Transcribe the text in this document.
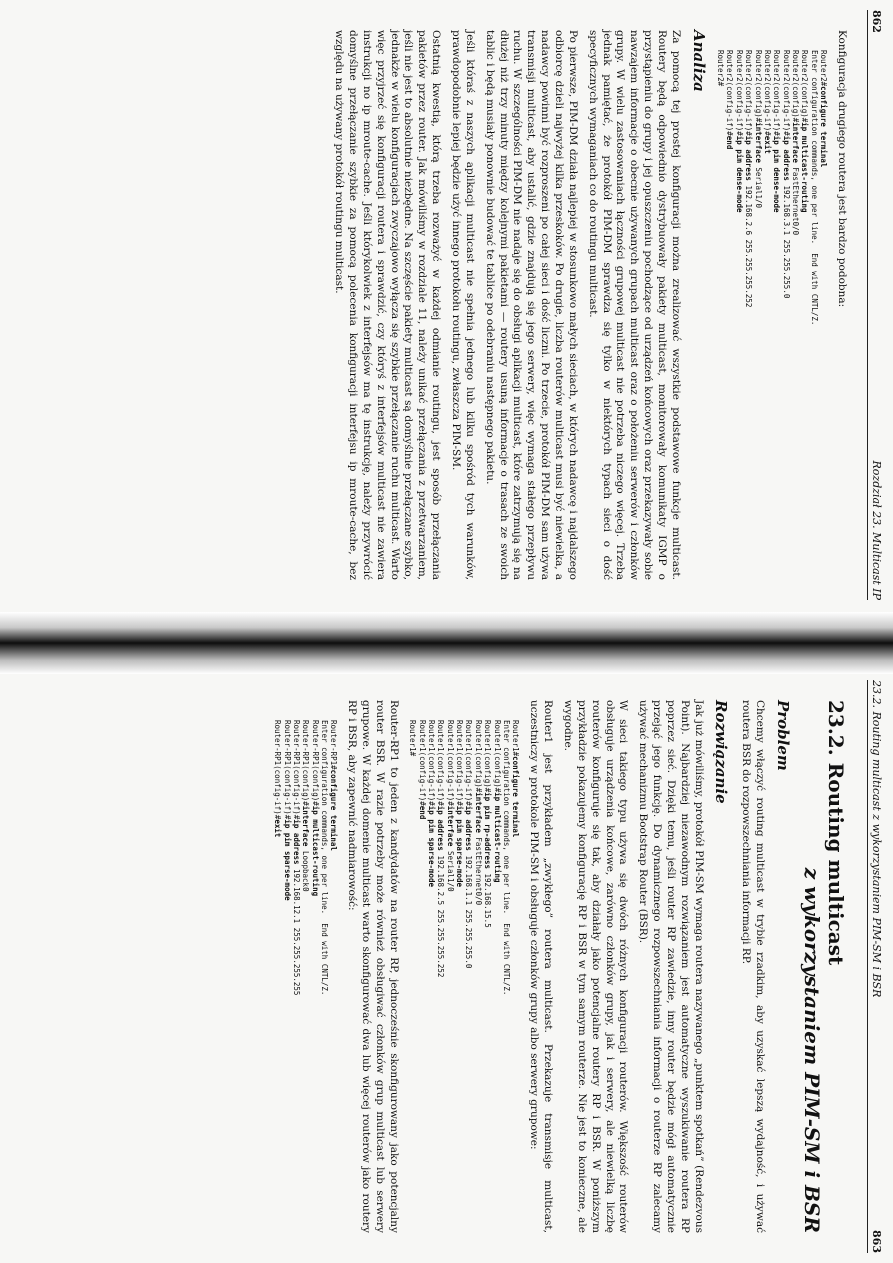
862
Rozdział 23. Multicast IP

Konfiguracja drugiego routera jest bardzo podobna:

Router2#configure terminal
Enter configuration commands, one per line.  End with CNTL/Z.
Router2(config)#ip multicast-routing
Router2(config)#interface FastEthernet0/0
Router2(config-if)#ip address 192.168.3.1 255.255.255.0
Router2(config-if)#ip pim dense-mode
Router2(config-if)#exit
Router2(config)#interface Serial1/0
Router2(config-if)#ip address 192.168.2.6 255.255.255.252
Router2(config-if)#ip pim dense-mode
Router2(config-if)#end
Router2#
Analiza

Za pomocą tej prostej konfiguracji można zrealizować wszystkie podstawowe funkcje multicast. Routery będą odpowiednio dystrybuowały pakiety multicast, monitorowały komunikaty IGMP o przystąpieniu do grupy i jej opuszczeniu pochodzące od urządzeń końcowych oraz przekazywały sobie nawzajem informacje o obecnie używanych grupach multicast oraz o położeniu serwerów i członków grupy. W wielu zastosowaniach łączności grupowej multicast nie potrzeba niczego więcej. Trzeba jednak pamiętać, że protokół PIM-DM sprawdza się tylko w niektórych typach sieci o dość specyficznych wymaganiach co do routingu multicast.

Po pierwsze, PIM-DM działa najlepiej w stosunkowo małych sieciach, w których nadawcę i najdalszego odbiorcę dzieli najwyżej kilka przeskoków. Po drugie, liczba routerów multicast musi być niewielka, a nadawcy powinni być rozproszeni po całej sieci i dość liczni. Po trzecie, protokół PIM-DM sam używa transmisji multicast, aby ustalić, gdzie znajdują się jego serwery, więc wymaga stałego przepływu ruchu. W szczególności PIM-DM nie nadaje się do obsługi aplikacji multicast, które zatrzymują się na dłużej niż trzy minuty między kolejnymi pakietami — routery usuną informacje o trasach ze swoich tablic i będą musiały ponownie budować te tablice po odebraniu następnego pakietu.

Jeśli któraś z naszych aplikacji multicast nie spełnia jednego lub kilku spośród tych warunków, prawdopodobnie lepiej będzie użyć innego protokołu routingu, zwłaszcza PIM-SM.

Ostatnią kwestią, którą trzeba rozważyć w każdej odmianie routingu, jest sposób przełączania pakietów przez router. Jak mówiliśmy w rozdziale 11, należy unikać przełączania z przetwarzaniem, jeśli nie jest to absolutnie niezbędne. Na szczęście pakiety multicast są domyślnie przełączane szybko, jednakże w wielu konfiguracjach zwyczajowo wyłącza się szybkie przełączanie ruchu multicast. Warto więc przyjrzeć się konfiguracji routera i sprawdzić, czy któryś z interfejsów multicast nie zawiera instrukcji no ip mroute-cache. Jeśli którykolwiek z interfejsów ma tę instrukcję, należy przywrócić domyślne przełączanie szybkie za pomocą polecenia konfiguracji interfejsu ip mroute-cache, bez względu na używany protokół routingu multicast.

23.2. Routing multicast z wykorzystaniem PIM-SM i BSR
863
23.2. Routing multicast
z wykorzystaniem PIM-SM i BSR
Problem

Chcemy włączyć routing multicast w trybie rzadkim, aby uzyskać lepszą wydajność, i używać routera BSR do rozpowszechniania informacji RP.

Rozwiązanie

Jak już mówiliśmy, protokół PIM-SM wymaga routera nazywanego „punktem spotkań” (Rendezvous Point). Najbardziej niezawodnym rozwiązaniem jest automatyczne wyszukiwanie routera RP poprzez sieć. Dzięki temu, jeśli router RP zawiedzie, inny router będzie mógł automatycznie przejąć jego funkcję. Do dynamicznego rozpowszechniania informacji o routerze RP zalecamy używać mechanizmu Bootstrap Router (BSR).

W sieci takiego typu używa się dwóch różnych konfiguracji routerów. Większość routerów obsługuje urządzenia końcowe, zarówno członków grupy, jak i serwery, ale niewielką liczbę routerów konfiguruje się tak, aby działały jako potencjalne routery RP i BSR. W poniższym przykładzie pokazujemy konfigurację RP i BSR w tym samym routerze. Nie jest to konieczne, ale wygodne.

Router1 jest przykładem „zwykłego” routera multicast. Przekazuje transmisje multicast, uczestniczy w protokole PIM-SM i obsługuje członków grupy albo serwery grupowe:

Router1#configure terminal
Enter configuration commands, one per line.  End with CNTL/Z.
Router1(config)#ip multicast-routing
Router1(config)#ip pim rp-address 192.168.15.5
Router1(config)#interface FastEthernet0/0
Router1(config-if)#ip address 192.168.1.1 255.255.255.0
Router1(config-if)#ip pim sparse-mode
Router1(config-if)#interface Serial1/0
Router1(config-if)#ip address 192.168.2.5 255.255.255.252
Router1(config-if)#ip pim sparse-mode
Router1(config-if)#end
Router1#

Router-RP1 to jeden z kandydatów na router RP, jednocześnie skonfigurowany jako potencjalny router BSR. W razie potrzeby może również obsługiwać członków grup multicast lub serwery grupowe. W każdej domenie multicast warto skonfigurować dwa lub więcej routerów jako routery RP i BSR, aby zapewnić nadmiarowość:

Router-RP1#configure terminal
Enter configuration commands, one per line.  End with CNTL/Z.
Router-RP1(config)#ip multicast-routing
Router-RP1(config)#interface Loopback0
Router-RP1(config-if)#ip address 192.168.12.1 255.255.255.255
Router-RP1(config-if)#ip pim sparse-mode
Router-RP1(config-if)#exit
